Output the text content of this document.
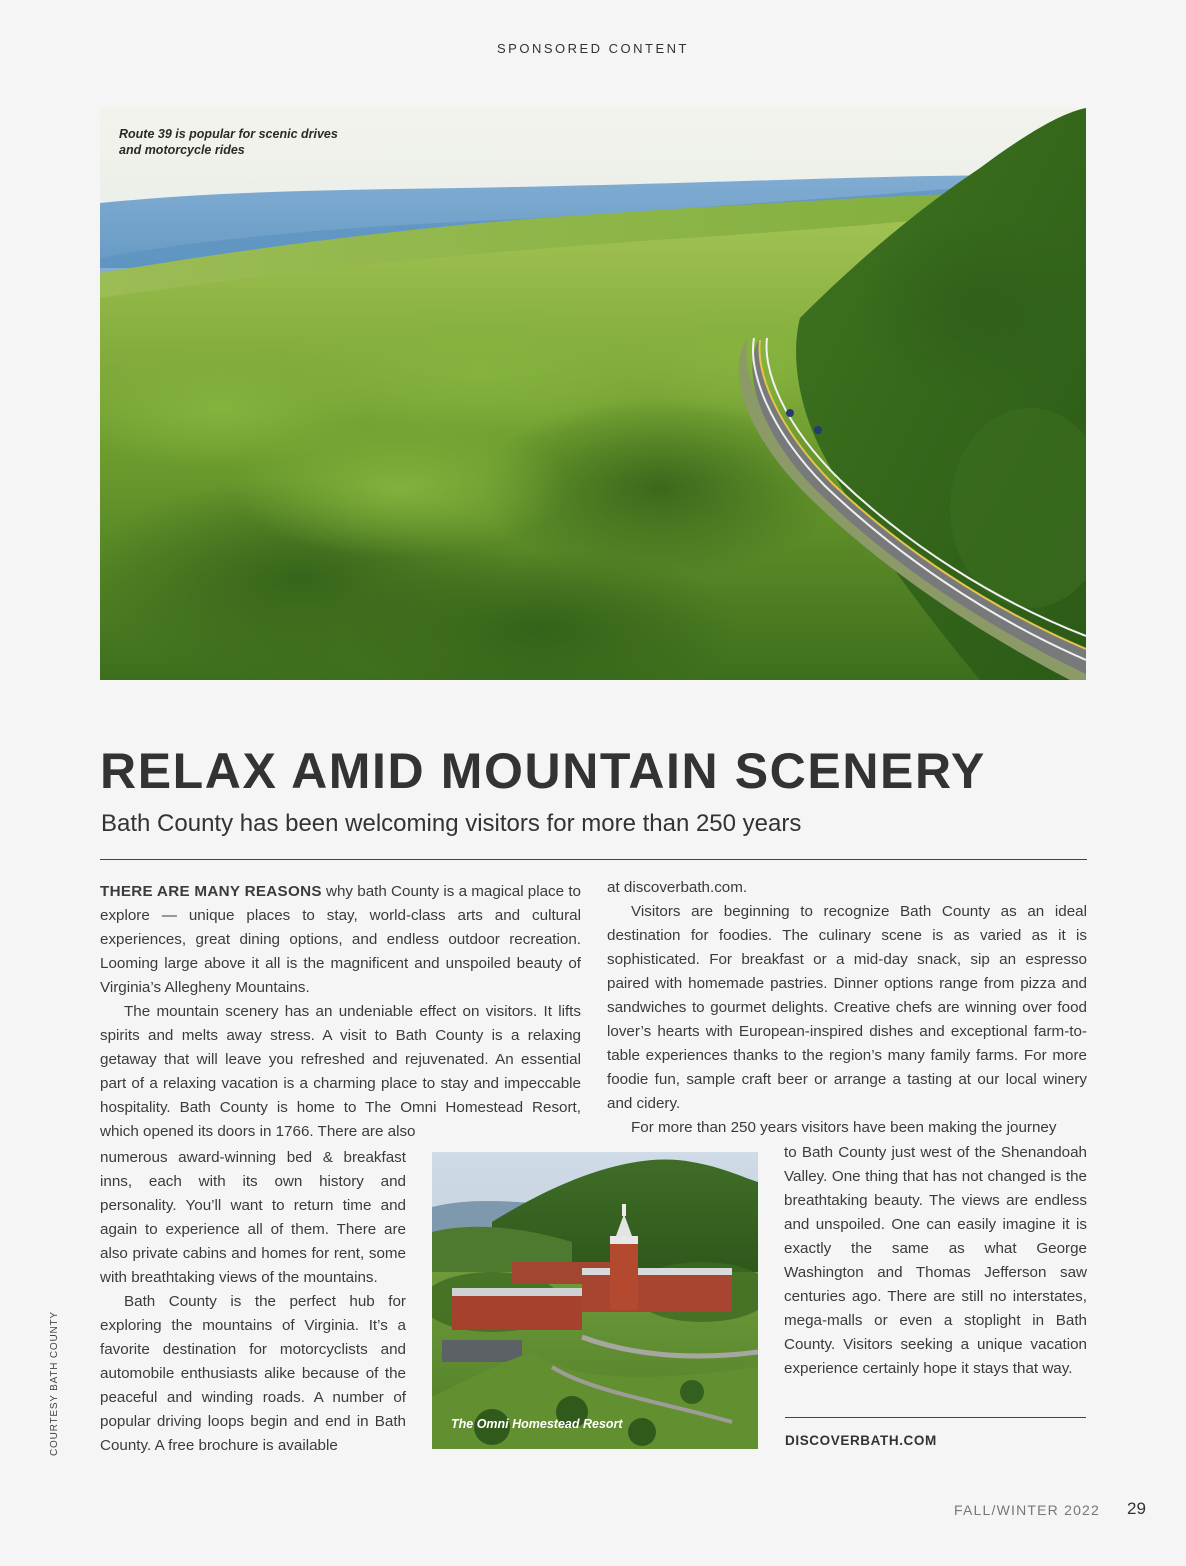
SPONSORED CONTENT
Route 39 is popular for scenic drives and motorcycle rides
RELAX AMID MOUNTAIN SCENERY
Bath County has been welcoming visitors for more than 250 years

THERE ARE MANY REASONS why bath County is a magical place to explore — unique places to stay, world-class arts and cultural experiences, great dining options, and endless outdoor recreation. Looming large above it all is the magnificent and unspoiled beauty of Virginia’s Allegheny Mountains.

The mountain scenery has an undeniable effect on visitors. It lifts spirits and melts away stress. A visit to Bath County is a relaxing getaway that will leave you refreshed and rejuvenated. An essential part of a relaxing vacation is a charming place to stay and impeccable hospitality. Bath County is home to The Omni Homestead Resort, which opened its doors in 1766. There are also

numerous award-winning bed & breakfast inns, each with its own history and personality. You’ll want to return time and again to experience all of them. There are also private cabins and homes for rent, some with breathtaking views of the mountains.

Bath County is the perfect hub for exploring the mountains of Virginia. It’s a favorite destination for motorcyclists and automobile enthusiasts alike because of the peaceful and winding roads. A number of popular driving loops begin and end in Bath County. A free brochure is available

at discoverbath.com.

Visitors are beginning to recognize Bath County as an ideal destination for foodies. The culinary scene is as varied as it is sophisticated. For breakfast or a mid-day snack, sip an espresso paired with homemade pastries. Dinner options range from pizza and sandwiches to gourmet delights. Creative chefs are winning over food lover’s hearts with European-inspired dishes and exceptional farm-to-table experiences thanks to the region’s many family farms. For more foodie fun, sample craft beer or arrange a tasting at our local winery and cidery.

For more than 250 years visitors have been making the journey

to Bath County just west of the Shenandoah Valley. One thing that has not changed is the breathtaking beauty. The views are endless and unspoiled. One can easily imagine it is exactly the same as what George Washington and Thomas Jefferson saw centuries ago. There are still no interstates, mega-malls or even a stoplight in Bath County. Visitors seeking a unique vacation experience certainly hope it stays that way.

The Omni Homestead Resort
DISCOVERBATH.COM
COURTESY BATH COUNTY
FALL/WINTER 2022 29
